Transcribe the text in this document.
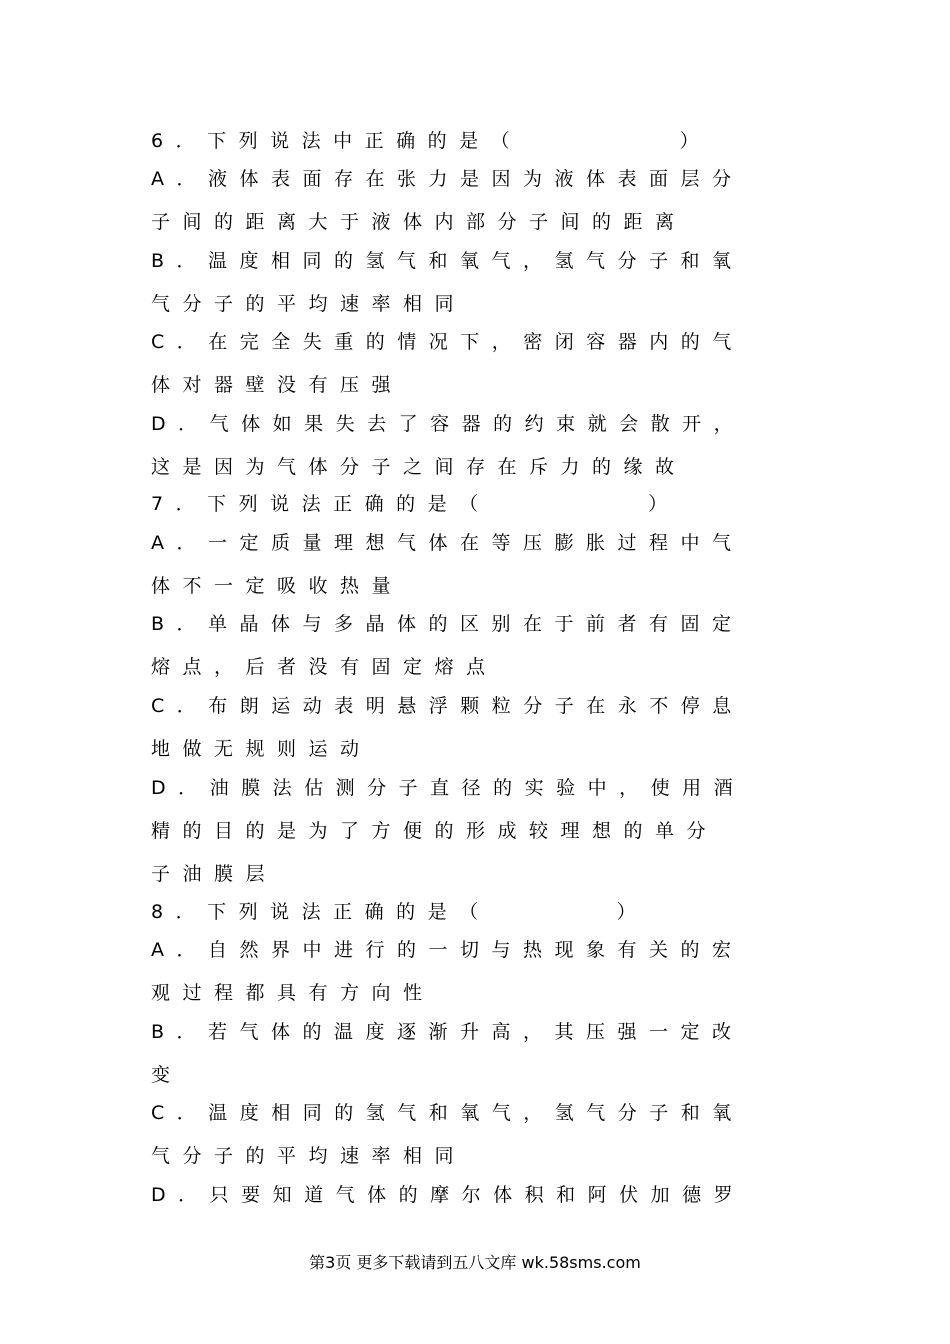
6．下列说法中正确的是（　　　　　）
A．液体表面存在张力是因为液体表面层分
子间的距离大于液体内部分子间的距离
B．温度相同的氢气和氧气，氢气分子和氧
气分子的平均速率相同
C．在完全失重的情况下，密闭容器内的气
体对器壁没有压强
D．气体如果失去了容器的约束就会散开，
这是因为气体分子之间存在斥力的缘故
7．下列说法正确的是（　　　　　）
A．一定质量理想气体在等压膨胀过程中气
体不一定吸收热量
B．单晶体与多晶体的区别在于前者有固定
熔点，后者没有固定熔点
C．布朗运动表明悬浮颗粒分子在永不停息
地做无规则运动
D．油膜法估测分子直径的实验中，使用酒
精的目的是为了方便的形成较理想的单分
子油膜层
8．下列说法正确的是（　　　　）
A．自然界中进行的一切与热现象有关的宏
观过程都具有方向性
B．若气体的温度逐渐升高，其压强一定改
变
C．温度相同的氢气和氧气，氢气分子和氧
气分子的平均速率相同
D．只要知道气体的摩尔体积和阿伏加德罗
第3页 更多下载请到五八文库 wk.58sms.com
